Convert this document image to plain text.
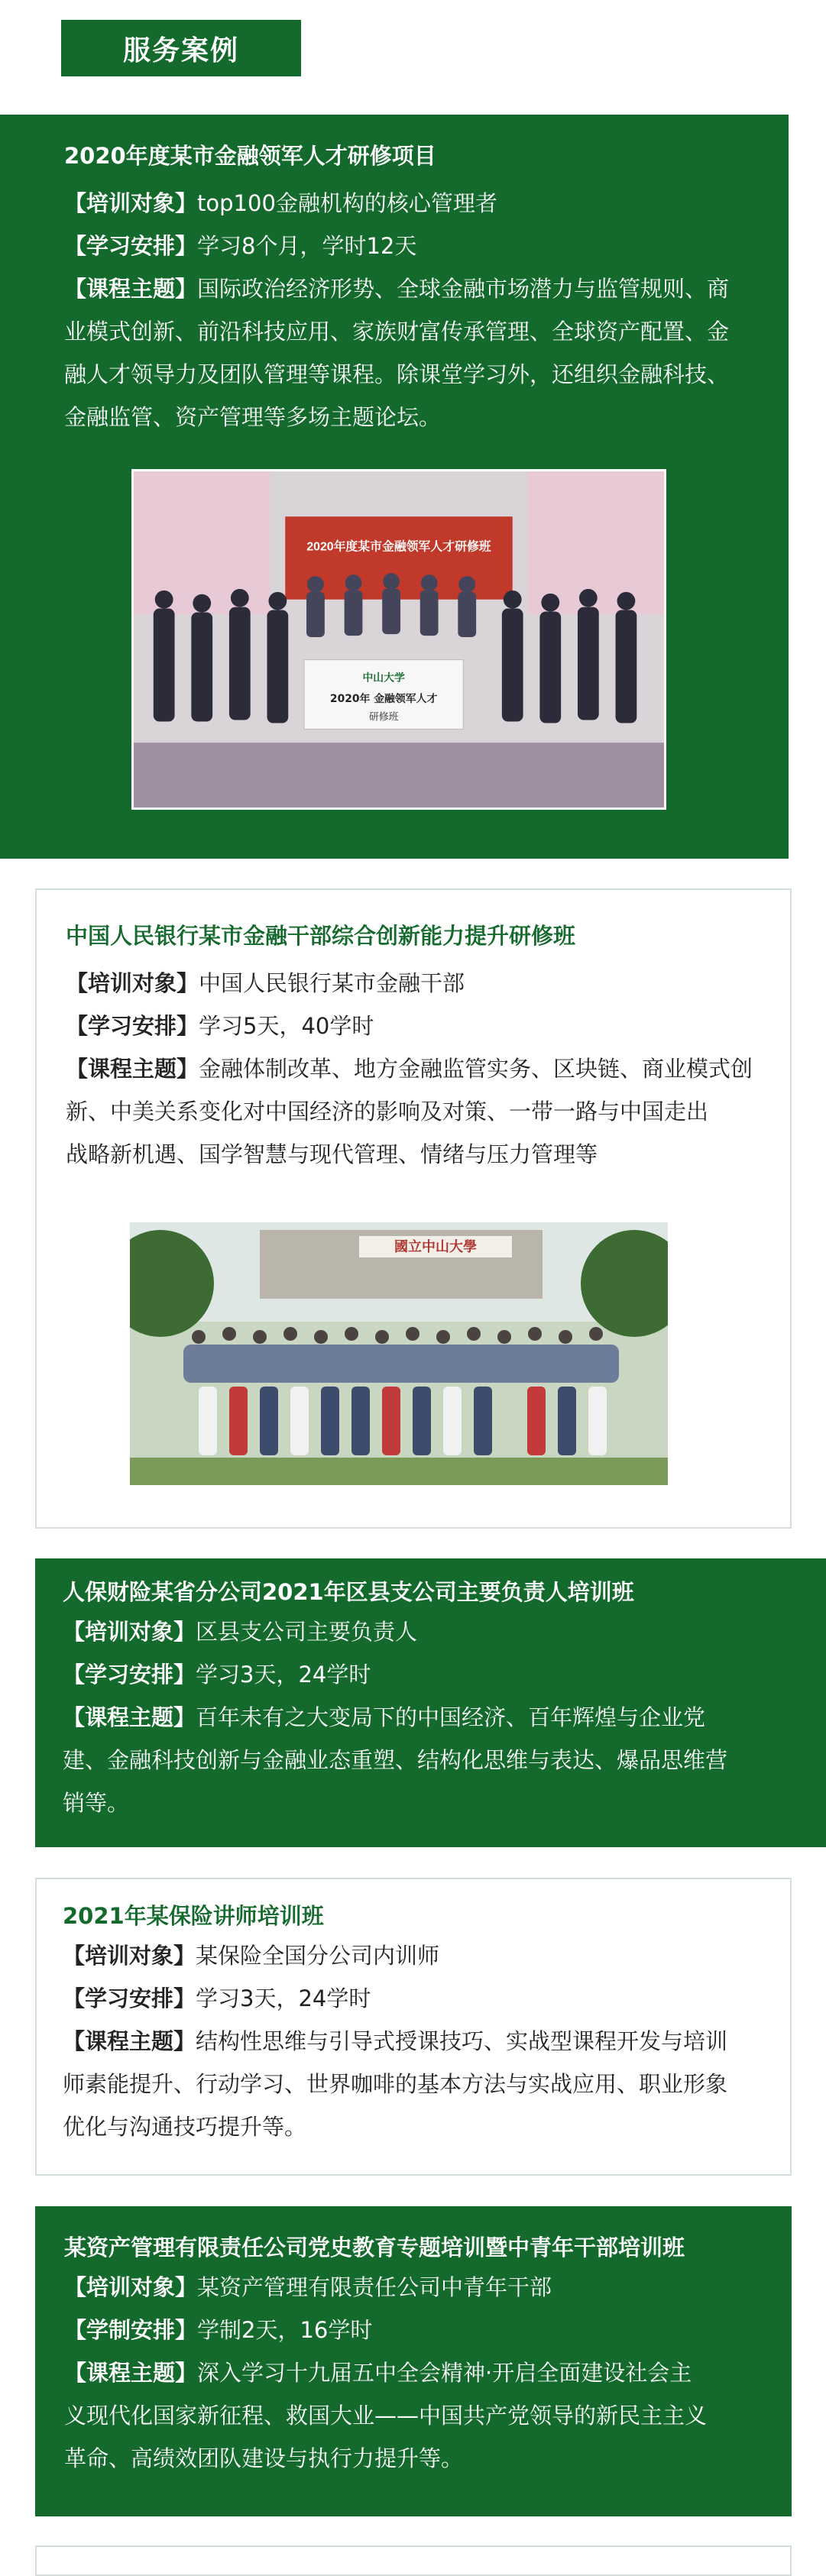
服务案例
2020年度某市金融领军人才研修项目
【培训对象】top100金融机构的核心管理者
【学习安排】学习8个月，学时12天
【课程主题】国际政治经济形势、全球金融市场潜力与监管规则、商
业模式创新、前沿科技应用、家族财富传承管理、全球资产配置、金
融人才领导力及团队管理等课程。除课堂学习外，还组织金融科技、
金融监管、资产管理等多场主题论坛。
2020年度某市金融领军人才研修班
中山大学
2020年 金融领军人才
研修班
中国人民银行某市金融干部综合创新能力提升研修班
【培训对象】中国人民银行某市金融干部
【学习安排】学习5天，40学时
【课程主题】金融体制改革、地方金融监管实务、区块链、商业模式创
新、中美关系变化对中国经济的影响及对策、一带一路与中国走出
战略新机遇、国学智慧与现代管理、情绪与压力管理等
國立中山大學
人保财险某省分公司2021年区县支公司主要负责人培训班
【培训对象】区县支公司主要负责人
【学习安排】学习3天，24学时
【课程主题】百年未有之大变局下的中国经济、百年辉煌与企业党
建、金融科技创新与金融业态重塑、结构化思维与表达、爆品思维营
销等。
2021年某保险讲师培训班
【培训对象】某保险全国分公司内训师
【学习安排】学习3天，24学时
【课程主题】结构性思维与引导式授课技巧、实战型课程开发与培训
师素能提升、行动学习、世界咖啡的基本方法与实战应用、职业形象
优化与沟通技巧提升等。
某资产管理有限责任公司党史教育专题培训暨中青年干部培训班
【培训对象】某资产管理有限责任公司中青年干部
【学制安排】学制2天，16学时
【课程主题】深入学习十九届五中全会精神·开启全面建设社会主
义现代化国家新征程、救国大业——中国共产党领导的新民主主义
革命、高绩效团队建设与执行力提升等。
